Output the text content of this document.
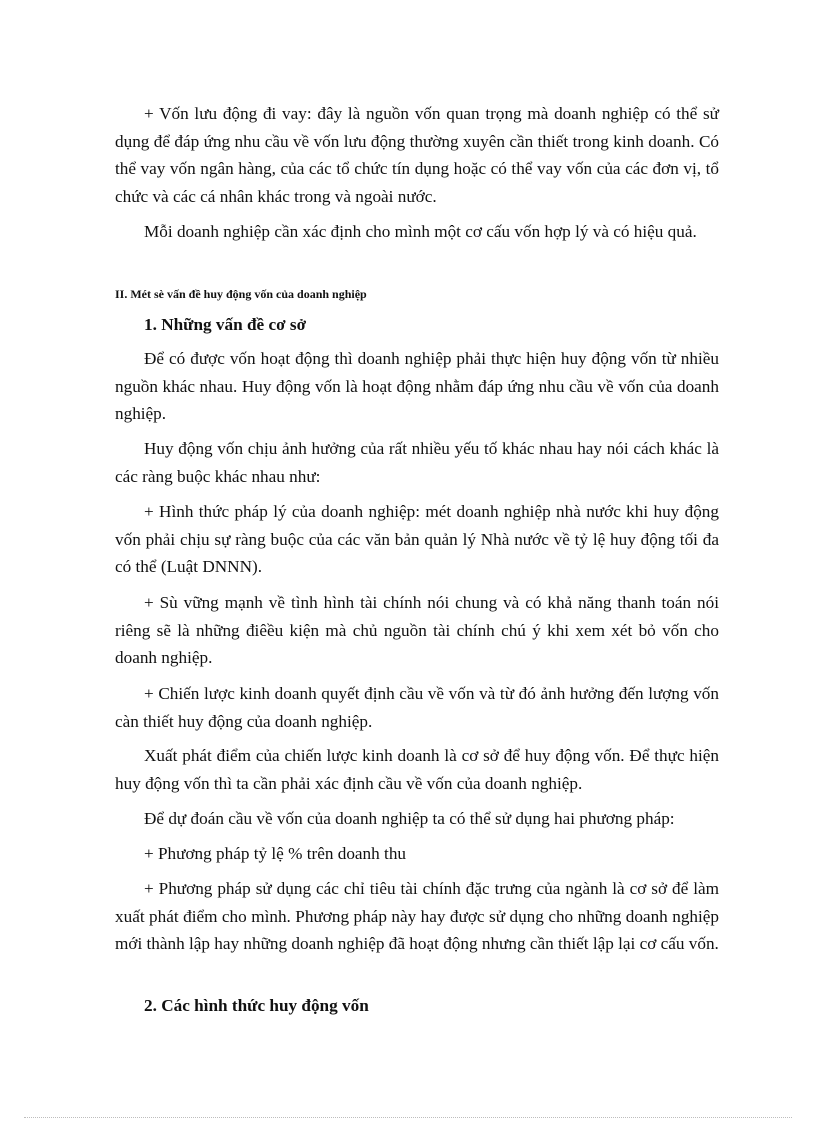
+ Vốn lưu động đi vay: đây là nguồn vốn quan trọng mà doanh nghiệp có thể sử dụng để đáp ứng nhu cầu về vốn lưu động thường xuyên cần thiết trong kinh doanh. Có thể vay vốn ngân hàng, của các tổ chức tín dụng hoặc có thể vay vốn của các đơn vị, tổ chức và các cá nhân khác trong và ngoài nước.

Mỗi doanh nghiệp cần xác định cho mình một cơ cấu vốn hợp lý và có hiệu quả.

II. Mét sè vấn đề huy động vốn của doanh nghiệp

1. Những vấn đề cơ sở

Để có được vốn hoạt động thì doanh nghiệp phải thực hiện huy động vốn từ nhiều nguồn khác nhau. Huy động vốn là hoạt động nhằm đáp ứng nhu cầu về vốn của doanh nghiệp.

Huy động vốn chịu ảnh hưởng của rất nhiều yếu tố khác nhau hay nói cách khác là các ràng buộc khác nhau như:

+ Hình thức pháp lý của doanh nghiệp: mét doanh nghiệp nhà nước khi huy động vốn phải chịu sự ràng buộc của các văn bản quản lý Nhà nước về tỷ lệ huy động tối đa có thể (Luật DNNN).

+ Sù vững mạnh về tình hình tài chính nói chung và có khả năng thanh toán nói riêng sẽ là những điêều kiện mà chủ nguồn tài chính chú ý khi xem xét bỏ vốn cho doanh nghiệp.

+ Chiến lược kinh doanh quyết định cầu về vốn và từ đó ảnh hưởng đến lượng vốn càn thiết huy động của doanh nghiệp.

Xuất phát điểm của chiến lược kinh doanh là cơ sở để huy động vốn. Để thực hiện huy động vốn thì ta cần phải xác định cầu về vốn của doanh nghiệp.

Để dự đoán cầu về vốn của doanh nghiệp ta có thể sử dụng hai phương pháp:

+ Phương pháp tỷ lệ % trên doanh thu

+ Phương pháp sử dụng các chỉ tiêu tài chính đặc trưng của ngành là cơ sở để làm xuất phát điểm cho mình. Phương pháp này hay được sử dụng cho những doanh nghiệp mới thành lập hay những doanh nghiệp đã hoạt động nhưng cần thiết lập lại cơ cấu vốn.

2. Các hình thức huy động vốn
